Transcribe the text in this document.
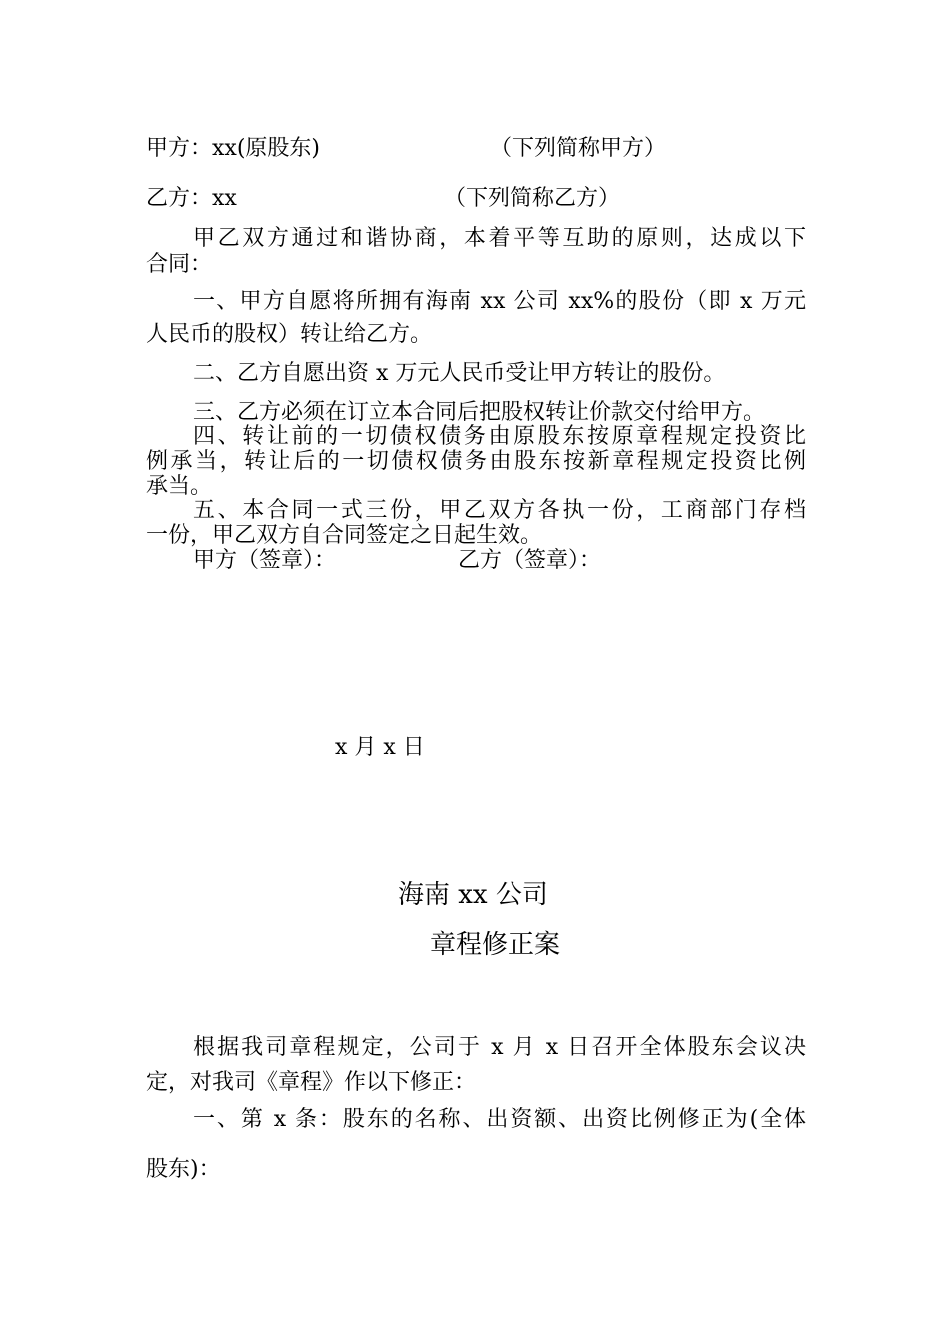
甲方：xx(原股东)	（下列简称甲方）
乙方：xx	（下列简称乙方）
甲乙双方通过和谐协商，本着平等互助的原则，达成以下
合同：
一、甲方自愿将所拥有海南 xx 公司 xx%的股份（即 x 万元
人民币的股权）转让给乙方。
二、乙方自愿出资 x 万元人民币受让甲方转让的股份。
三、乙方必须在订立本合同后把股权转让价款交付给甲方。
四、转让前的一切债权债务由原股东按原章程规定投资比
例承当，转让后的一切债权债务由股东按新章程规定投资比例
承当。
五、本合同一式三份，甲乙双方各执一份，工商部门存档
一份，甲乙双方自合同签定之日起生效。
甲方（签章）：	乙方（签章）：
x 月 x 日
海南 xx 公司
章程修正案
根据我司章程规定，公司于 x 月 x 日召开全体股东会议决
定，对我司《章程》作以下修正：
一、第 x 条：股东的名称、出资额、出资比例修正为(全体
股东)：
